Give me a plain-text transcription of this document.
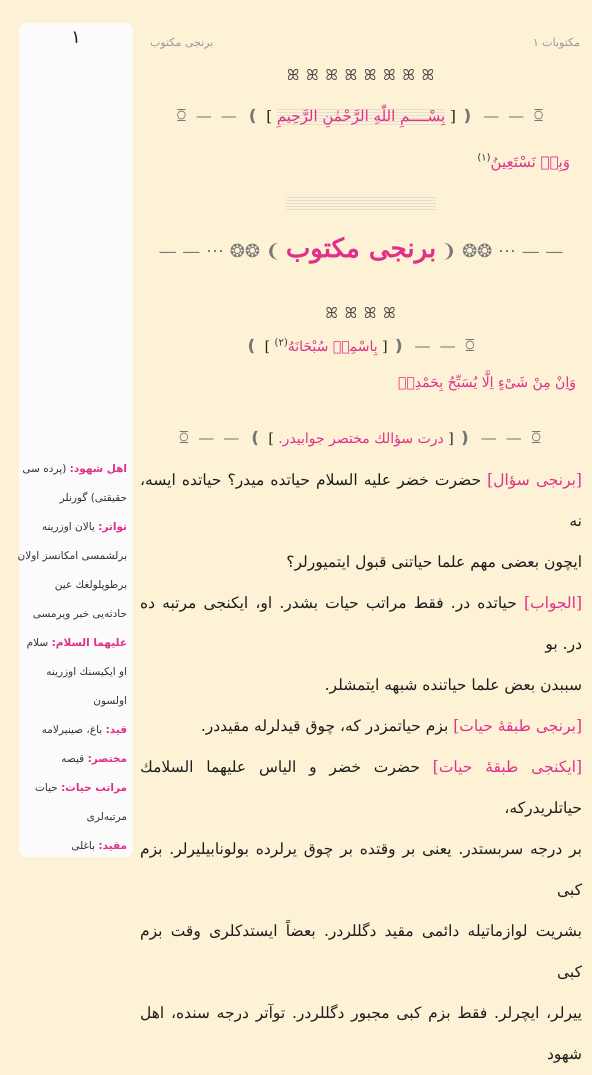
١
اهل شهود: (پرده ‌سى
حقيقتى) گورنلر
تواتر: يالان اوزرينه
برلشمسى امكانسز اولان
برطوپلولغك عين
حادثه‌يى خبر ويرمسى
عليهما السلام: سلام
او ايكيسنك اوزرينه
اولسون
قيد: باغ، صينيرلامه
مختصر: قيصه
مراتب حيات: حيات
مرتبه‌لرى
مقيد: باغلى
برنجى مكتوب	مكتوبات ١
ꕤ ꕤ ꕤ ꕤ ꕤ ꕤ ꕤ ꕤ
ꗞ — — ❪ [ بِسْــــمِ اللّٰهِ الرَّحْمٰنِ الرَّحِيمِ ] ❫ — — ꗞ
وَبِهٖ نَسْتَعِينُ$^{(١)}$
— — ⋯ ❂❂ ❨ برنجى مكتوب ❩ ❂❂ ⋯ — —
ꕤ ꕤ ꕤ ꕤ
ꗞ — — ❪ [ بِاسْمِهٖ سُبْحَانَهُ$^{(٢)}$ ] ❫
وَاِنْ مِنْ شَىْءٍ اِلَّا يُسَبِّحُ بِحَمْدِهٖ
ꗞ — — ❪ [ درت سؤالك مختصر جوابيدر. ] ❫ — — ꗞ

[برنجى سؤال] حضرت خضر عليه السلام حياتده ميدر؟ حياتده ايسه، نه

ايچون بعضى مهم علما حياتنى قبول ايتميورلر؟

[الجواب] حياتده در. فقط مراتب حيات بشدر. او، ايكنجى مرتبه ده در. بو

سببدن بعض علما حياتنده شبهه ايتمشلر.

[برنجى طبقهٔ حيات] بزم حياتمزدر كه، چوق قيدلرله مقيددر.

[ايكنجى طبقهٔ حيات] حضرت خضر و الياس عليهما السلامك حياتلريدركه،

بر درجه سربستدر. يعنى بر وقتده بر چوق يرلرده بولونابيليرلر. بزم كبى

بشريت لوازماتيله دائمى مقيد دگللردر. بعضاً ايستدكلرى وقت بزم كبى

ييرلر، ايچرلر. فقط بزم كبى مجبور دگللردر. توآتر درجه سنده، اهل شهود
